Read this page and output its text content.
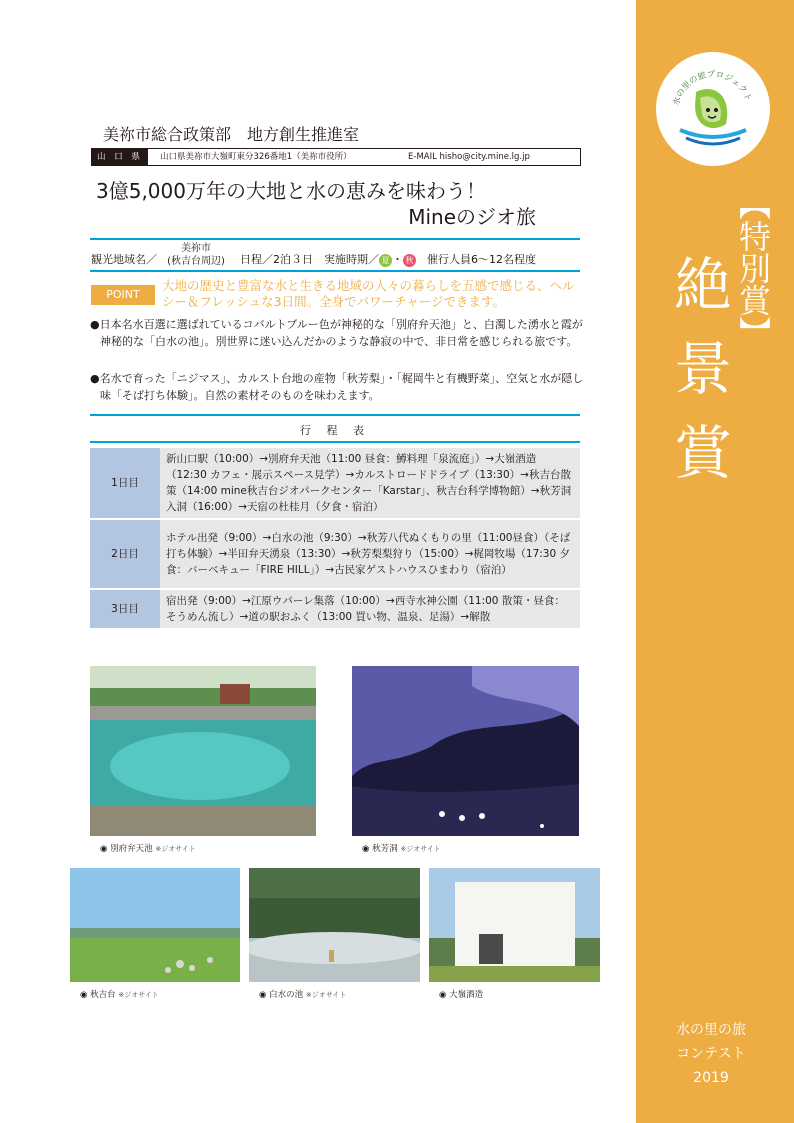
水の里の旅プロジェクト
【特別賞】
絶景賞
水の里の旅
コンテスト
2019
美祢市総合政策部　地方創生推進室
山 口 県	山口県美祢市大嶺町東分326番地1（美祢市役所）	E-MAIL hisho@city.mine.lg.jp
3億5,000万年の大地と水の恵みを味わう！
Mineのジオ旅
観光地域名／
美祢市
(秋吉台周辺) 日程／2泊３日　実施時期／ 夏 ・ 秋　 催行人員6〜12名程度
POINT
大地の歴史と豊富な水と生きる地域の人々の暮らしを五感で感じる、ヘルシー＆フレッシュな3日間。全身でパワーチャージできます。
●日本名水百選に選ばれているコバルトブルー色が神秘的な「別府弁天池」と、白濁した湧水と霞が神秘的な「白水の池」。別世界に迷い込んだかのような静寂の中で、非日常を感じられる旅です。
●名水で育った「ニジマス」、カルスト台地の産物「秋芳梨」・「梶岡牛と有機野菜」、空気と水が隠し味「そば打ち体験」。自然の素材そのものを味わえます。
行 程 表
1日目	新山口駅（10:00）→別府弁天池（11:00 昼食：鱒料理「泉流庭」）→大嶺酒造（12:30 カフェ・展示スペース見学）→カルストロードドライブ（13:30）→秋吉台散策（14:00 mine秋吉台ジオパークセンター「Karstar」、秋吉台科学博物館）→秋芳洞入洞（16:00）→天宿の杜桂月（夕食・宿泊）
2日目	ホテル出発（9:00）→白水の池（9:30）→秋芳八代ぬくもりの里（11:00昼食）（そば打ち体験）→半田弁天湧泉（13:30）→秋芳梨梨狩り（15:00）→梶岡牧場（17:30 夕食：バーベキュー「FIRE HILL」）→古民家ゲストハウスひまわり（宿泊）
3日目	宿出発（9:00）→江原ウパーレ集落（10:00）→西寺水神公園（11:00 散策・昼食：そうめん流し）→道の駅おふく（13:00 買い物、温泉、足湯）→解散
◉ 別府弁天池 ※ジオサイト	◉ 秋芳洞 ※ジオサイト
◉ 秋吉台 ※ジオサイト	◉ 白水の池 ※ジオサイト	◉ 大嶺酒造
